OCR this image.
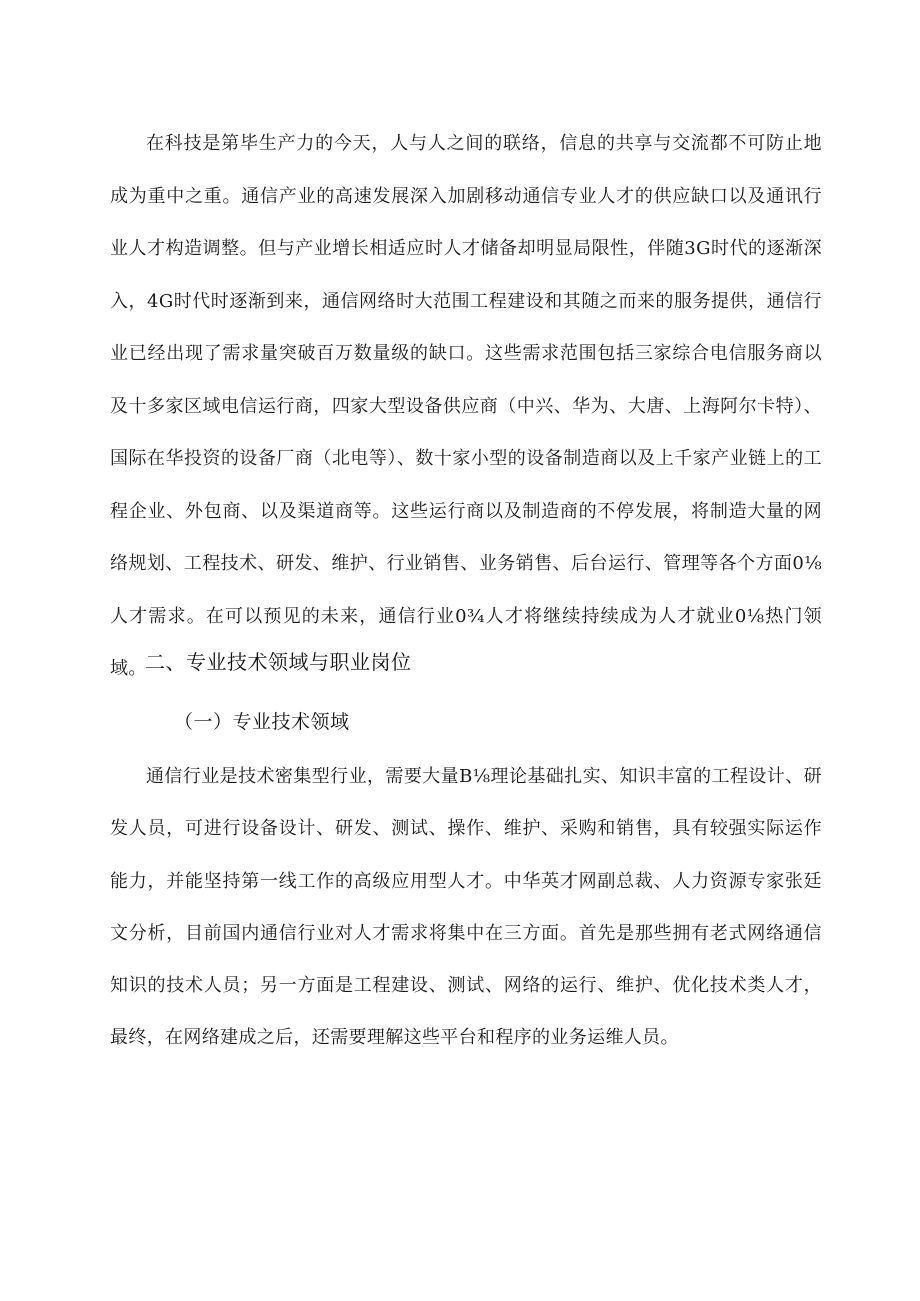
在科技是第毕生产力的今天，人与人之间的联络，信息的共享与交流都不可防止地成为重中之重。通信产业的高速发展深入加剧移动通信专业人才的供应缺口以及通讯行业人才构造调整。但与产业增长相适应时人才储备却明显局限性，伴随3G时代的逐渐深入，4G时代时逐渐到来，通信网络时大范围工程建设和其随之而来的服务提供，通信行业已经出现了需求量突破百万数量级的缺口。这些需求范围包括三家综合电信服务商以及十多家区域电信运行商，四家大型设备供应商（中兴、华为、大唐、上海阿尔卡特）、国际在华投资的设备厂商（北电等）、数十家小型的设备制造商以及上千家产业链上的工程企业、外包商、以及渠道商等。这些运行商以及制造商的不停发展，将制造大量的网络规划、工程技术、研发、维护、行业销售、业务销售、后台运行、管理等各个方面0⅛人才需求。在可以预见的未来，通信行业0¾人才将继续持续成为人才就业0⅛热门领域。

二、专业技术领域与职业岗位
（一）专业技术领域

通信行业是技术密集型行业，需要大量B⅛理论基础扎实、知识丰富的工程设计、研发人员，可进行设备设计、研发、测试、操作、维护、采购和销售，具有较强实际运作能力，并能坚持第一线工作的高级应用型人才。中华英才网副总裁、人力资源专家张廷文分析，目前国内通信行业对人才需求将集中在三方面。首先是那些拥有老式网络通信知识的技术人员；另一方面是工程建设、测试、网络的运行、维护、优化技术类人才，最终，在网络建成之后，还需要理解这些平台和程序的业务运维人员。
